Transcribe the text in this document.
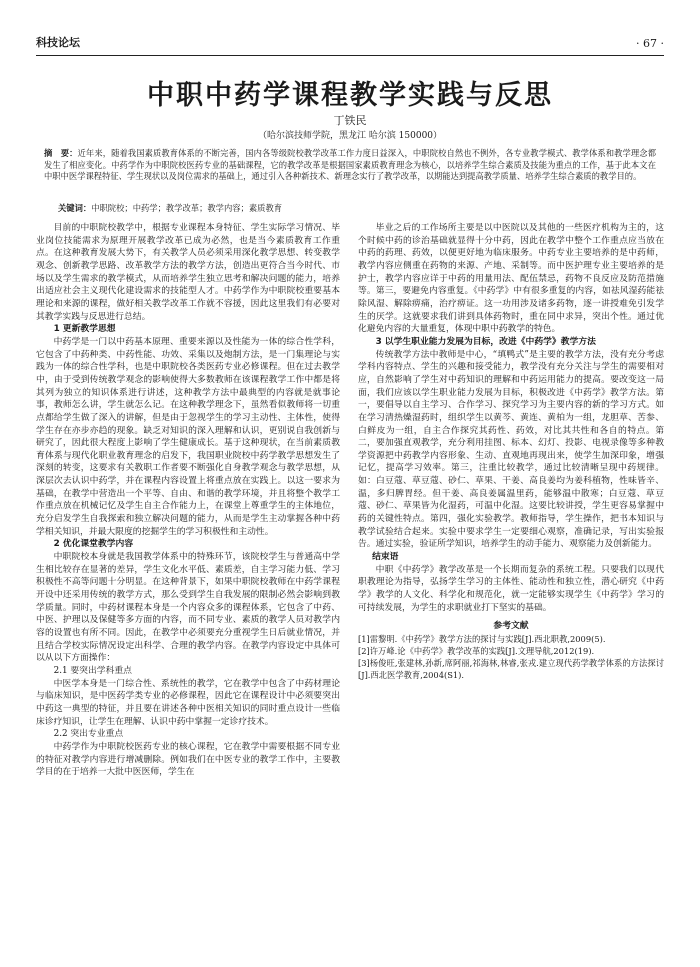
科技论坛	· 67 ·
中职中药学课程教学实践与反思
丁铁民
（哈尔滨技师学院，黑龙江 哈尔滨 150000）
摘　要：近年来，随着我国素质教育体系的不断完善，国内各等级院校教学改革工作力度日益深入，中职院校自然也不例外，各专业教学模式、教学体系和教学理念都发生了相应变化。中药学作为中职院校医药专业的基础课程，它的教学改革是根据国家素质教育理念为核心，以培养学生综合素质及技能为重点的工作，基于此本文在中职中医学课程特征、学生现状以及岗位需求的基础上，通过引入各种新技术、新理念实行了教学改革，以期能达到提高教学质量、培养学生综合素质的教学目的。
关键词：中职院校；中药学；教学改革；教学内容；素质教育

目前的中职院校教学中，根据专业课程本身特征、学生实际学习情况、毕业岗位技能需求为原理开展教学改革已成为必然，也是当今素质教育工作重点。在这种教育发展大势下，有关教学人员必须采用深化教学思想、转变教学观念、创新教学思路、改革教学方法的教学方法，创造出更符合当今时代、市场以及学生需求的教学模式，从而培养学生独立思考和解决问题的能力，培养出适应社会主义现代化建设需求的技能型人才。中药学作为中职院校重要基本理论和来源的课程，做好相关教学改革工作就不容援，因此这里我们有必要对其教学实践与反思进行总结。

1 更新教学思想

中药学是一门以中药基本原理、重要来源以及性能为一体的综合性学科，它包含了中药种类、中药性能、功效、采集以及炮制方法，是一门集理论与实践为一体的综合性学科，也是中职院校各类医药专业必修课程。但在过去教学中，由于受到传统教学观念的影响使得大多数教师在该课程教学工作中都是将其列为独立的知识体系进行讲述，这种教学方法中最典型的内容就是就事论事，教师怎么讲，学生就怎么记。在这种教学理念下，虽然看似教师将一切重点都给学生做了深入的讲解，但是由于忽视学生的学习主动性、主体性，使得学生存在亦步亦趋的现象。缺乏对知识的深入理解和认识，更别说自我创新与研究了，因此很大程度上影响了学生健康成长。基于这种现状，在当前素质教育体系与现代化职业教育理念的启发下，我国职业院校中药学教学思想发生了深刻的转变，这要求有关教职工作者要不断强化自身教学观念与教学思想，从深层次去认识中药学，并在课程内容设置上将重点放在实践上。以这一要求为基础，在教学中营造出一个平等、自由、和谐的教学环境，并且将整个教学工作重点放在机械记忆及学生自主合作能力上，在课堂上尊重学生的主体地位，充分启发学生自我探索和独立解决问题的能力，从而是学生主动掌握各种中药学相关知识，并最大限度的挖掘学生的学习积极性和主动性。

2 优化课堂教学内容

中职院校本身就是我国教学体系中的特殊环节，该院校学生与普通高中学生相比较存在显著的差异，学生文化水平低、素质差，自主学习能力低、学习积极性不高等问题十分明显。在这种背景下，如果中职院校教师在中药学课程开设中还采用传统的教学方式，那么受到学生自我发展的限制必然会影响到教学质量。同时，中药材课程本身是一个内容众多的课程体系，它包含了中药、中医、护理以及保健等多方面的内容，而不同专业、素质的教学人员对教学内容的设置也有所不同。因此，在教学中必须要充分重视学生日后就业情况，并且结合学校实际情况设定出科学、合理的教学内容。在教学内容设定中具体可以从以下方面操作：

2.1 要突出学科重点

中医学本身是一门综合性、系统性的教学，它在教学中包含了中药材理论与临床知识，是中医药学类专业的必修课程，因此它在课程设计中必须要突出中药这一典型的特征，并且要在讲述各种中医相关知识的同时重点设计一些临床诊疗知识，让学生在理解、认识中药中掌握一定诊疗技术。

2.2 突出专业重点

中药学作为中职院校医药专业的核心课程，它在教学中需要根据不同专业的特征对教学内容进行增减删除。例如我们在中医专业的教学工作中，主要教学目的在于培养一大批中医医师，学生在

毕业之后的工作场所主要是以中医院以及其他的一些医疗机构为主的，这个时候中药的诊治基础就显得十分中药，因此在教学中整个工作重点应当放在中药的药理、药效，以便更好地为临床服务。中药专业主要培养的是中药师，教学内容应侧重在药物的来源、产地、采制等。而中医护理专业主要培养的是护士，教学内容应详于中药的用量用法、配伍禁忌，药物不良反应及防范措施等。第三，要避免内容重复。《中药学》中有很多重复的内容，如祛风湿药能祛除风湿、解除痹痛，治疗痹证。这一功用涉及诸多药物，逐一讲授难免引发学生的厌学。这就要求我们讲到具体药物时，重在同中求异，突出个性。通过优化避免内容的大量重复，体现中职中药教学的特色。

3 以学生职业能力发展为目标，改进《中药学》教学方法

传统教学方法中教师是中心，“填鸭式”是主要的教学方法，没有充分考虑学科内容特点、学生的兴趣和接受能力，教学没有充分关注与学生的需要相对应，自然影响了学生对中药知识的理解和中药运用能力的提高。要改变这一局面，我们应该以学生职业能力发展为目标，积极改进《中药学》教学方法。第一，要倡导以自主学习、合作学习、探究学习为主要内容的新的学习方式。如在学习清热燥湿药时，组织学生以黄芩、黄连、黄柏为一组，龙胆草、苦参、白鲜皮为一组，自主合作探究其药性、药效，对比其共性和各自的特点。第二，要加强直观教学，充分利用挂图、标本、幻灯、投影、电视录像等多种教学资源把中药教学内容形象、生动、直观地再现出来，使学生加深印象，增强记忆，提高学习效率。第三，注重比较教学，通过比较清晰呈现中药规律。如：白豆蔻、草豆蔻、砂仁、草果、干姜、高良姜均为姜科植物，性味皆辛、温，多归脾胃经。但干姜、高良姜属温里药，能够温中散寒；白豆蔻、草豆蔻、砂仁、草果皆为化湿药，可温中化湿。这要比较讲授，学生更容易掌握中药的关键性特点。第四，强化实验教学。教师指导，学生操作，把书本知识与教学试验结合起来。实验中要求学生一定要细心观察，准确记录，写出实验报告。通过实验，验证所学知识，培养学生的动手能力、观察能力及创新能力。

结束语

中职《中药学》教学改革是一个长期而复杂的系统工程。只要我们以现代职教理论为指导，弘扬学生学习的主体性、能动性和独立性，潜心研究《中药学》教学的人文化、科学化和规范化，就一定能够实现学生《中药学》学习的可持续发展，为学生的求职就业打下坚实的基础。

参考文献
[1]雷黎明.《中药学》教学方法的探讨与实践[J].西北职教,2009(5).
[2]许万峰.论《中药学》教学改革的实践[J].文理导航,2012(19).
[3]杨俊旺,张建林,孙新,席阿丽,祁海林,林睿,张戎.建立现代药学教学体系的方法探讨[J].西北医学教育,2004(S1).
